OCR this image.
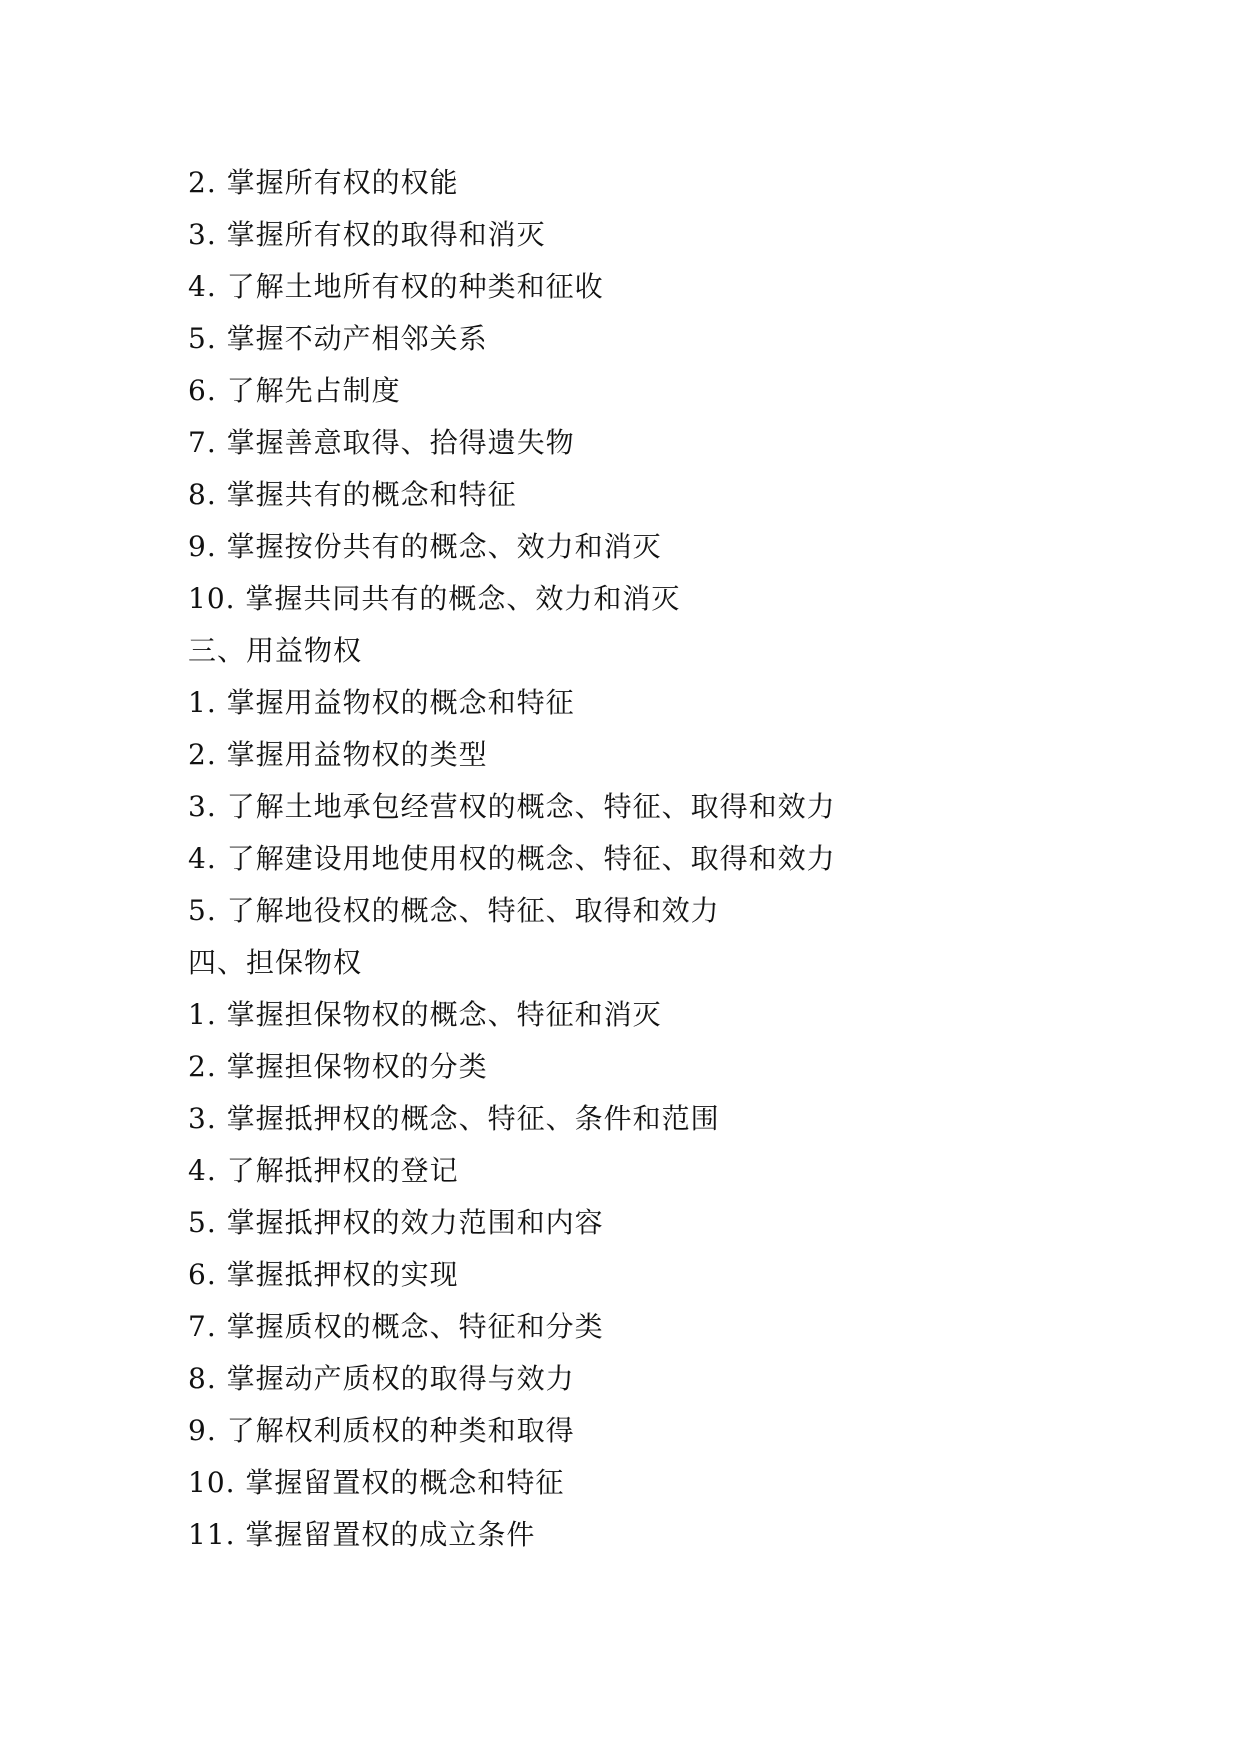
2. 掌握所有权的权能
3. 掌握所有权的取得和消灭
4. 了解土地所有权的种类和征收
5. 掌握不动产相邻关系
6. 了解先占制度
7. 掌握善意取得、拾得遗失物
8. 掌握共有的概念和特征
9. 掌握按份共有的概念、效力和消灭
10. 掌握共同共有的概念、效力和消灭
三、用益物权
1. 掌握用益物权的概念和特征
2. 掌握用益物权的类型
3. 了解土地承包经营权的概念、特征、取得和效力
4. 了解建设用地使用权的概念、特征、取得和效力
5. 了解地役权的概念、特征、取得和效力
四、担保物权
1. 掌握担保物权的概念、特征和消灭
2. 掌握担保物权的分类
3. 掌握抵押权的概念、特征、条件和范围
4. 了解抵押权的登记
5. 掌握抵押权的效力范围和内容
6. 掌握抵押权的实现
7. 掌握质权的概念、特征和分类
8. 掌握动产质权的取得与效力
9. 了解权利质权的种类和取得
10. 掌握留置权的概念和特征
11. 掌握留置权的成立条件
